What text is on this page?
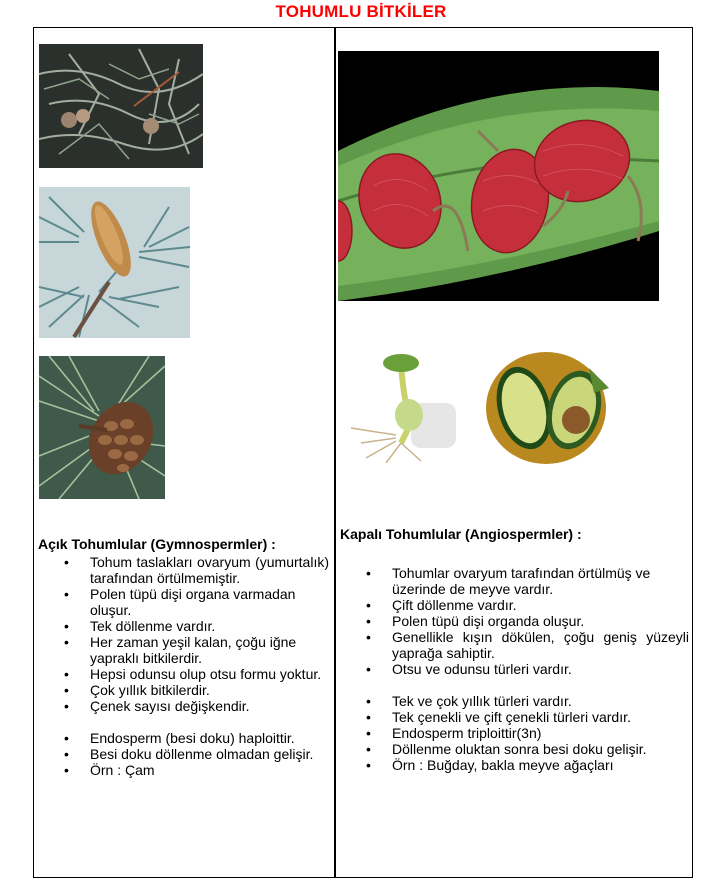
TOHUMLU BİTKİLER
Açık Tohumlular (Gymnospermler) :
• Tohum taslakları ovaryum (yumurtalık) tarafından örtülmemiştir.
• Polen tüpü dişi organa varmadan oluşur.
• Tek döllenme vardır.
• Her zaman yeşil kalan, çoğu iğne yapraklı bitkilerdir.
• Hepsi odunsu olup otsu formu yoktur.
• Çok yıllık bitkilerdir.
• Çenek sayısı değişkendir.
• Endosperm (besi doku) haploittir.
• Besi doku döllenme olmadan gelişir.
• Örn : Çam
Kapalı Tohumlular (Angiospermler) :
• Tohumlar ovaryum tarafından örtülmüş ve üzerinde de meyve vardır.
• Çift döllenme vardır.
• Polen tüpü dişi organda oluşur.
• Genellikle kışın dökülen, çoğu geniş yüzeyli yaprağa sahiptir.
• Otsu ve odunsu türleri vardır.
• Tek ve çok yıllık türleri vardır.
• Tek çenekli ve çift çenekli türleri vardır.
• Endosperm triploittir(3n)
• Döllenme oluktan sonra besi doku gelişir.
• Örn : Buğday, bakla meyve ağaçları
